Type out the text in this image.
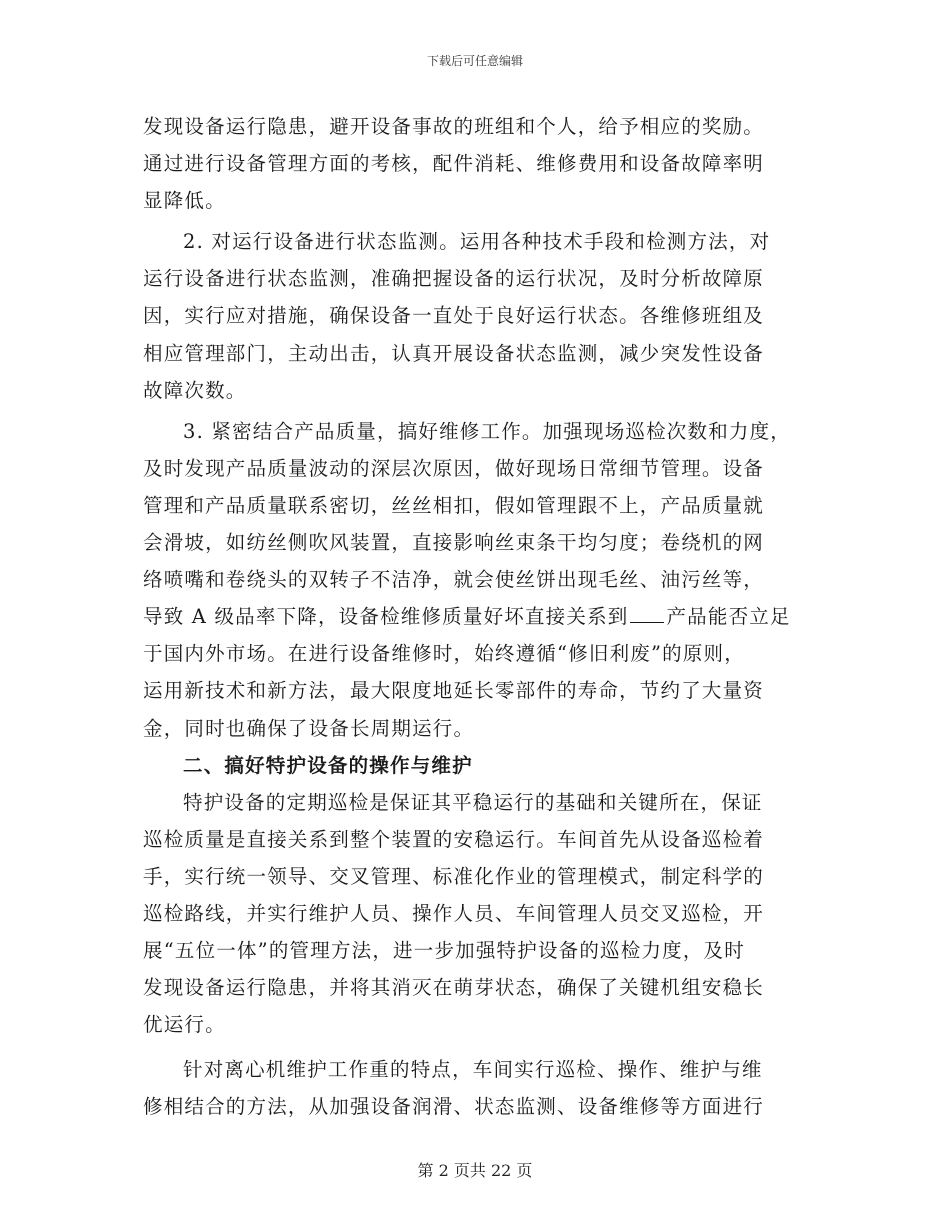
下载后可任意编辑
发现设备运行隐患，避开设备事故的班组和个人，给予相应的奖励。
通过进行设备管理方面的考核，配件消耗、维修费用和设备故障率明
显降低。
2. 对运行设备进行状态监测。运用各种技术手段和检测方法，对
运行设备进行状态监测，准确把握设备的运行状况，及时分析故障原
因，实行应对措施，确保设备一直处于良好运行状态。各维修班组及
相应管理部门，主动出击，认真开展设备状态监测，减少突发性设备
故障次数。
3. 紧密结合产品质量，搞好维修工作。加强现场巡检次数和力度，
及时发现产品质量波动的深层次原因，做好现场日常细节管理。设备
管理和产品质量联系密切，丝丝相扣，假如管理跟不上，产品质量就
会滑坡，如纺丝侧吹风装置，直接影响丝束条干均匀度；卷绕机的网
络喷嘴和卷绕头的双转子不洁净，就会使丝饼出现毛丝、油污丝等，
导致 A 级品率下降，设备检维修质量好坏直接关系到 产品能否立足
于国内外市场。在进行设备维修时，始终遵循“修旧利废”的原则，
运用新技术和新方法，最大限度地延长零部件的寿命，节约了大量资
金，同时也确保了设备长周期运行。
二、搞好特护设备的操作与维护
特护设备的定期巡检是保证其平稳运行的基础和关键所在，保证
巡检质量是直接关系到整个装置的安稳运行。车间首先从设备巡检着
手，实行统一领导、交叉管理、标准化作业的管理模式，制定科学的
巡检路线，并实行维护人员、操作人员、车间管理人员交叉巡检，开
展“五位一体”的管理方法，进一步加强特护设备的巡检力度，及时
发现设备运行隐患，并将其消灭在萌芽状态，确保了关键机组安稳长
优运行。
针对离心机维护工作重的特点，车间实行巡检、操作、维护与维
修相结合的方法，从加强设备润滑、状态监测、设备维修等方面进行
第 2 页共 22 页
